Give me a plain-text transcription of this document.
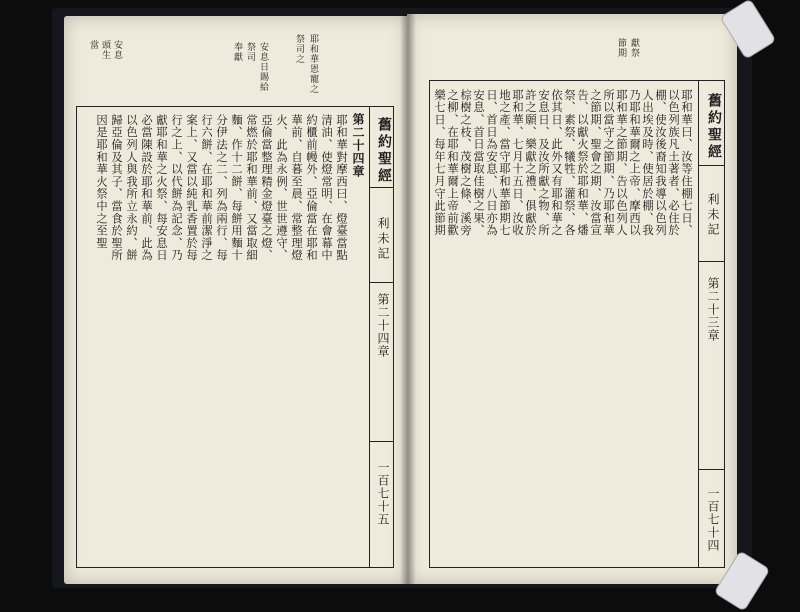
耶和華恩寵之
祭司之
安息日賜給
祭司
奉獻
安息
頭生
當
第二十四章
耶和華對摩西曰、燈臺當點
清油、使燈常明、在會幕中
約櫃前幔外、亞倫當在耶和
華前、自暮至晨、常整理燈
火、此為永例、世世遵守、
亞倫當整理精金燈臺之燈、
常燃於耶和華前、又當取細
麵、作十二餅、每餅用麵十
分伊法之二、列為兩行、每
行六餅、在耶和華前潔淨之
案上、又當以純乳香置於每
行之上、以代餅為記念、乃
獻耶和華之火祭、每安息日
必當陳設於耶和華前、此為
以色列人與我所立永約、餅
歸亞倫及其子、當食於聖所
因是耶和華火祭中之至聖	舊約聖經
利未記
第二十四章
一百七十五
獻祭
節期
舊約聖經
利未記
第二十三章
一百七十四
耶和華曰、汝等住棚七日、
以色列族凡土著者、必住於
棚、使汝後裔知我導以色列
人出埃及時、使居於棚、我
乃耶和華爾之上帝、摩西以
耶和華之節期、告以色列人
所以當守之節期、乃耶和華
之節期、聖會之期、汝當宣
告、以獻火祭於耶和華、燔
祭、素祭、犧牲、灌祭、各
依其日、此外又有耶和華之
安息日、及汝所獻之物、所
許之願、樂獻之禮、俱獻於
耶和華、七月十五日、汝收
地之產、當守耶和華節期七
日、首日為安息、八日亦為
安息、首日當取佳樹之果、
棕樹之枝、茂樹之條、溪旁
之柳、在耶和華爾上帝前歡
樂七日、每年七月守此節期
